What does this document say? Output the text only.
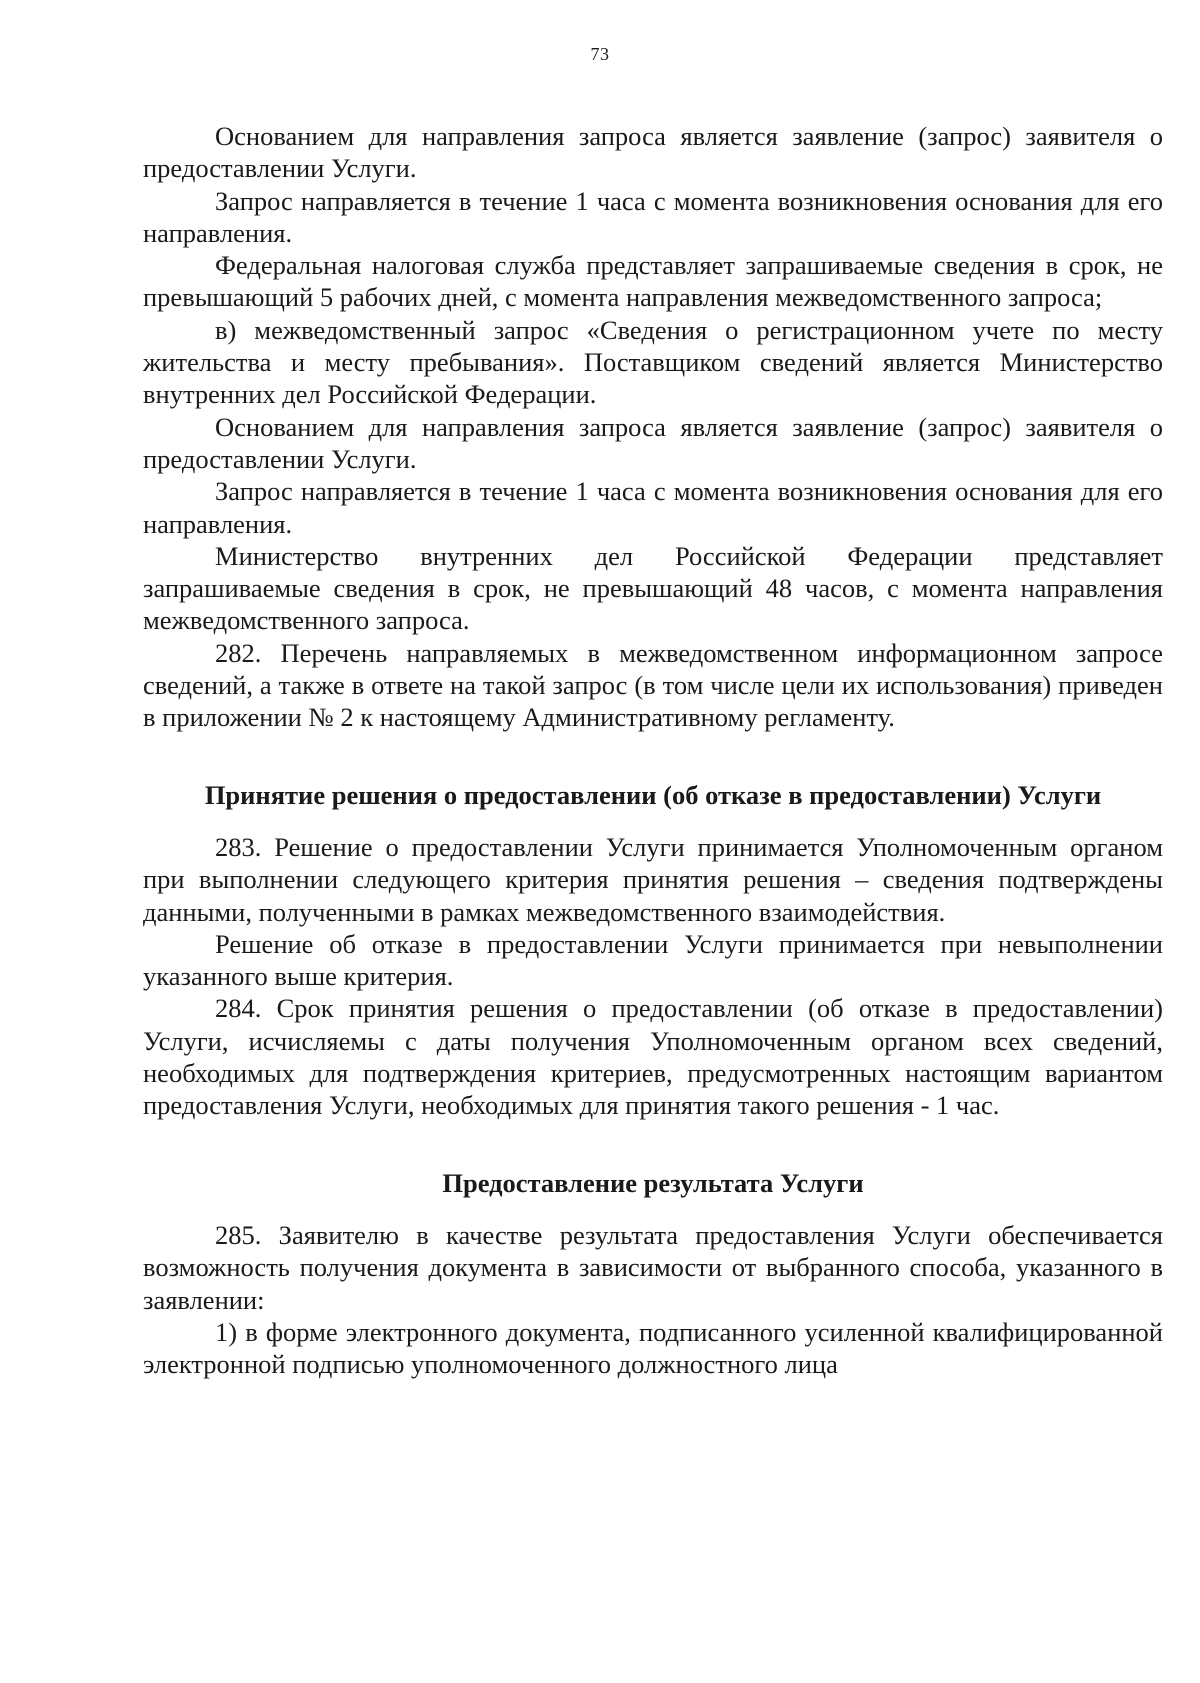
73

Основанием для направления запроса является заявление (запрос) заявителя о предоставлении Услуги.

Запрос направляется в течение 1 часа с момента возникновения основания для его направления.

Федеральная налоговая служба представляет запрашиваемые сведения в срок, не превышающий 5 рабочих дней, с момента направления межведомственного запроса;

в) межведомственный запрос «Сведения о регистрационном учете по месту жительства и месту пребывания». Поставщиком сведений является Министерство внутренних дел Российской Федерации.

Основанием для направления запроса является заявление (запрос) заявителя о предоставлении Услуги.

Запрос направляется в течение 1 часа с момента возникновения основания для его направления.

Министерство внутренних дел Российской Федерации представляет запрашиваемые сведения в срок, не превышающий 48 часов, с момента направления межведомственного запроса.

282. Перечень направляемых в межведомственном информационном запросе сведений, а также в ответе на такой запрос (в том числе цели их использования) приведен в приложении № 2 к настоящему Административному регламенту.

Принятие решения о предоставлении (об отказе в предоставлении) Услуги

283. Решение о предоставлении Услуги принимается Уполномоченным органом при выполнении следующего критерия принятия решения – сведения подтверждены данными, полученными в рамках межведомственного взаимодействия.

Решение об отказе в предоставлении Услуги принимается при невыполнении указанного выше критерия.

284. Срок принятия решения о предоставлении (об отказе в предоставлении) Услуги, исчисляемы с даты получения Уполномоченным органом всех сведений, необходимых для подтверждения критериев, предусмотренных настоящим вариантом предоставления Услуги, необходимых для принятия такого решения - 1 час.

Предоставление результата Услуги

285. Заявителю в качестве результата предоставления Услуги обеспечивается возможность получения документа в зависимости от выбранного способа, указанного в заявлении:

1) в форме электронного документа, подписанного усиленной квалифицированной электронной подписью уполномоченного должностного лица
